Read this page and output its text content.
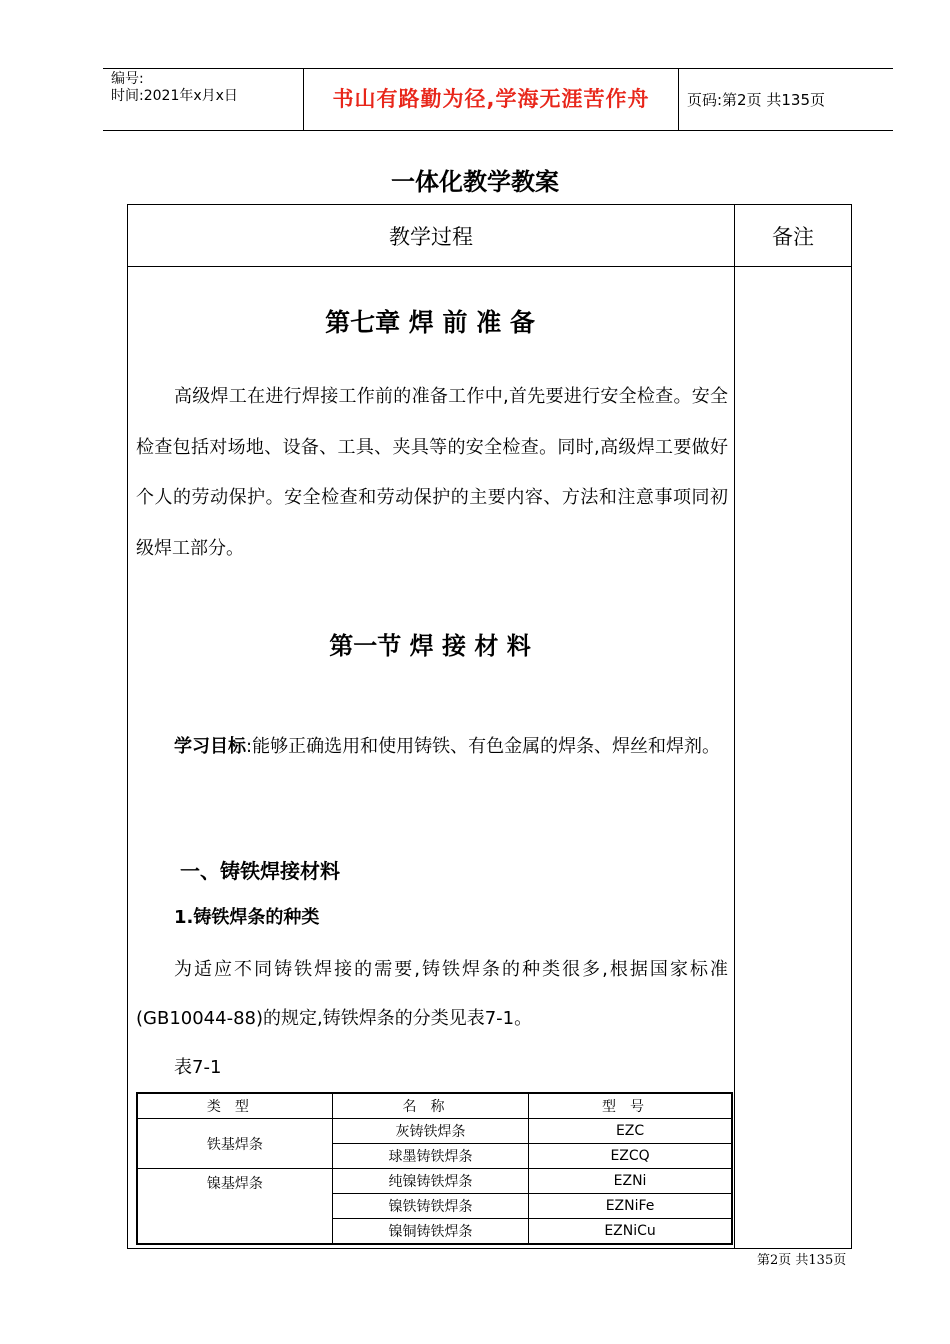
编号:
时间:2021年x月x日	书山有路勤为径,学海无涯苦作舟	页码:第2页 共135页
一体化教学教案
教学过程	备注
第七章 焊 前 准 备
高级焊工在进行焊接工作前的准备工作中,首先要进行安全检查。安全检查包括对场地、设备、工具、夹具等的安全检查。同时,高级焊工要做好个人的劳动保护。安全检查和劳动保护的主要内容、方法和注意事项同初级焊工部分。
第一节 焊 接 材 料
学习目标:能够正确选用和使用铸铁、有色金属的焊条、焊丝和焊剂。
一、铸铁焊接材料
1.铸铁焊条的种类
为适应不同铸铁焊接的需要,铸铁焊条的种类很多,根据国家标准(GB10044-88)的规定,铸铁焊条的分类见表7-1。
表7-1
类型	名称	型号
铁基焊条	灰铸铁焊条	EZC
	球墨铸铁焊条	EZCQ
镍基焊条	纯镍铸铁焊条	EZNi
	镍铁铸铁焊条	EZNiFe
	镍铜铸铁焊条	EZNiCu
第2页 共135页
